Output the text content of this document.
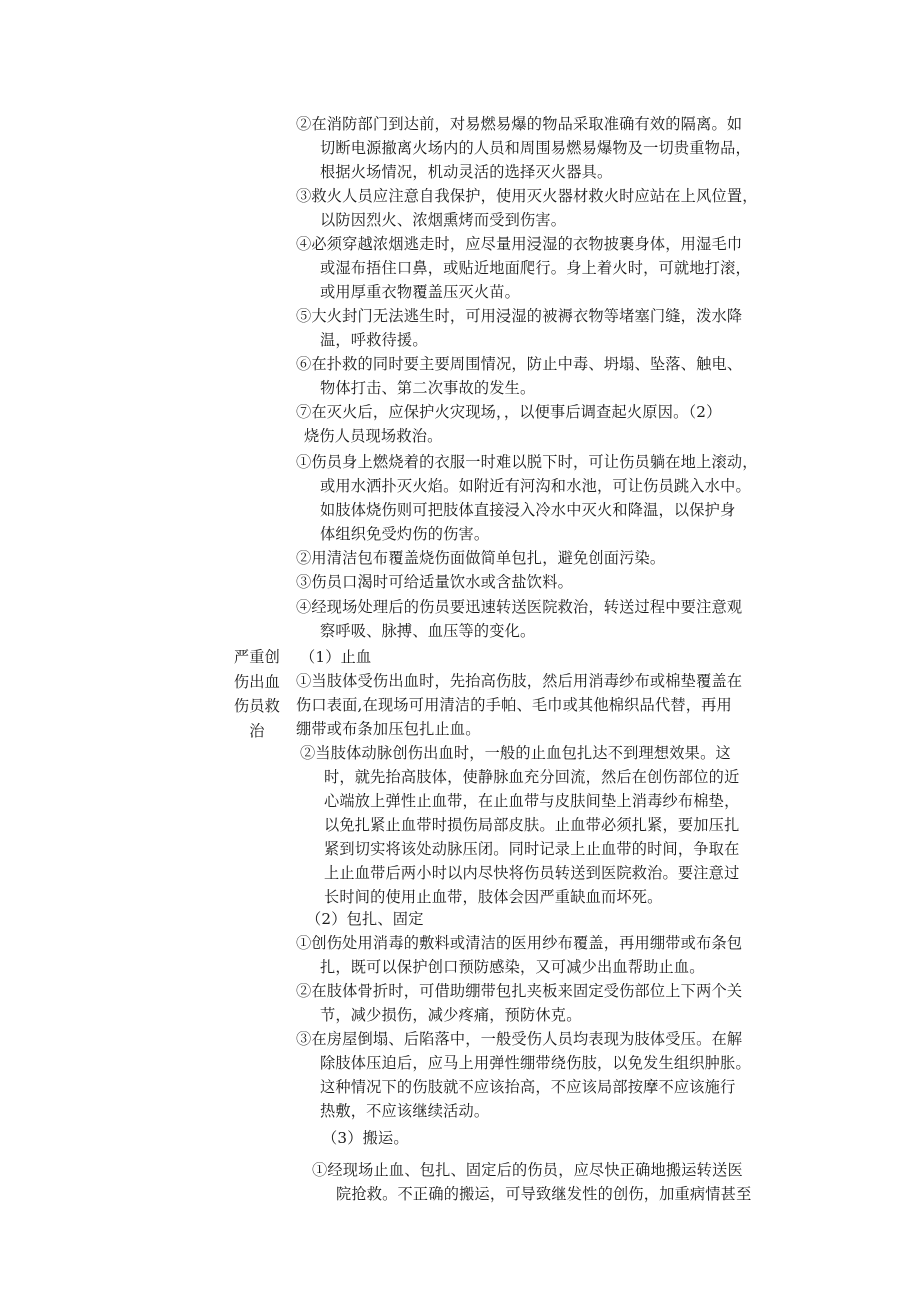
②在消防部门到达前，对易燃易爆的物品采取准确有效的隔离。如
切断电源撤离火场内的人员和周围易燃易爆物及一切贵重物品，
根据火场情况，机动灵活的选择灭火器具。
③救火人员应注意自我保护，使用灭火器材救火时应站在上风位置，
以防因烈火、浓烟熏烤而受到伤害。
④必须穿越浓烟逃走时，应尽量用浸湿的衣物披裹身体，用湿毛巾
或湿布捂住口鼻，或贴近地面爬行。身上着火时，可就地打滚，
或用厚重衣物覆盖压灭火苗。
⑤大火封门无法逃生时，可用浸湿的被褥衣物等堵塞门缝，泼水降
温，呼救待援。
⑥在扑救的同时要主要周围情况，防止中毒、坍塌、坠落、触电、
物体打击、第二次事故的发生。
⑦在灭火后，应保护火灾现场，，以便事后调查起火原因。（2）
烧伤人员现场救治。
①伤员身上燃烧着的衣服一时难以脱下时，可让伤员躺在地上滚动，
或用水洒扑灭火焰。如附近有河沟和水池，可让伤员跳入水中。
如肢体烧伤则可把肢体直接浸入冷水中灭火和降温，以保护身
体组织免受灼伤的伤害。
②用清洁包布覆盖烧伤面做简单包扎，避免创面污染。
③伤员口渴时可给适量饮水或含盐饮料。
④经现场处理后的伤员要迅速转送医院救治，转送过程中要注意观
察呼吸、脉搏、血压等的变化。
严重创
伤出血
伤员救
治
（1）止血
①当肢体受伤出血时，先抬高伤肢，然后用消毒纱布或棉垫覆盖在
伤口表面,在现场可用清洁的手帕、毛巾或其他棉织品代替，再用
绷带或布条加压包扎止血。
②当肢体动脉创伤出血时，一般的止血包扎达不到理想效果。这
时，就先抬高肢体，使静脉血充分回流，然后在创伤部位的近
心端放上弹性止血带，在止血带与皮肤间垫上消毒纱布棉垫，
以免扎紧止血带时损伤局部皮肤。止血带必须扎紧，要加压扎
紧到切实将该处动脉压闭。同时记录上止血带的时间，争取在
上止血带后两小时以内尽快将伤员转送到医院救治。要注意过
长时间的使用止血带，肢体会因严重缺血而坏死。
（2）包扎、固定
①创伤处用消毒的敷料或清洁的医用纱布覆盖，再用绷带或布条包
扎，既可以保护创口预防感染，又可减少出血帮助止血。
②在肢体骨折时，可借助绷带包扎夹板来固定受伤部位上下两个关
节，减少损伤，减少疼痛，预防休克。
③在房屋倒塌、后陷落中，一般受伤人员均表现为肢体受压。在解
除肢体压迫后，应马上用弹性绷带绕伤肢，以免发生组织肿胀。
这种情况下的伤肢就不应该抬高，不应该局部按摩不应该施行
热敷，不应该继续活动。
（3）搬运。
①经现场止血、包扎、固定后的伤员，应尽快正确地搬运转送医
院抢救。不正确的搬运，可导致继发性的创伤，加重病情甚至
